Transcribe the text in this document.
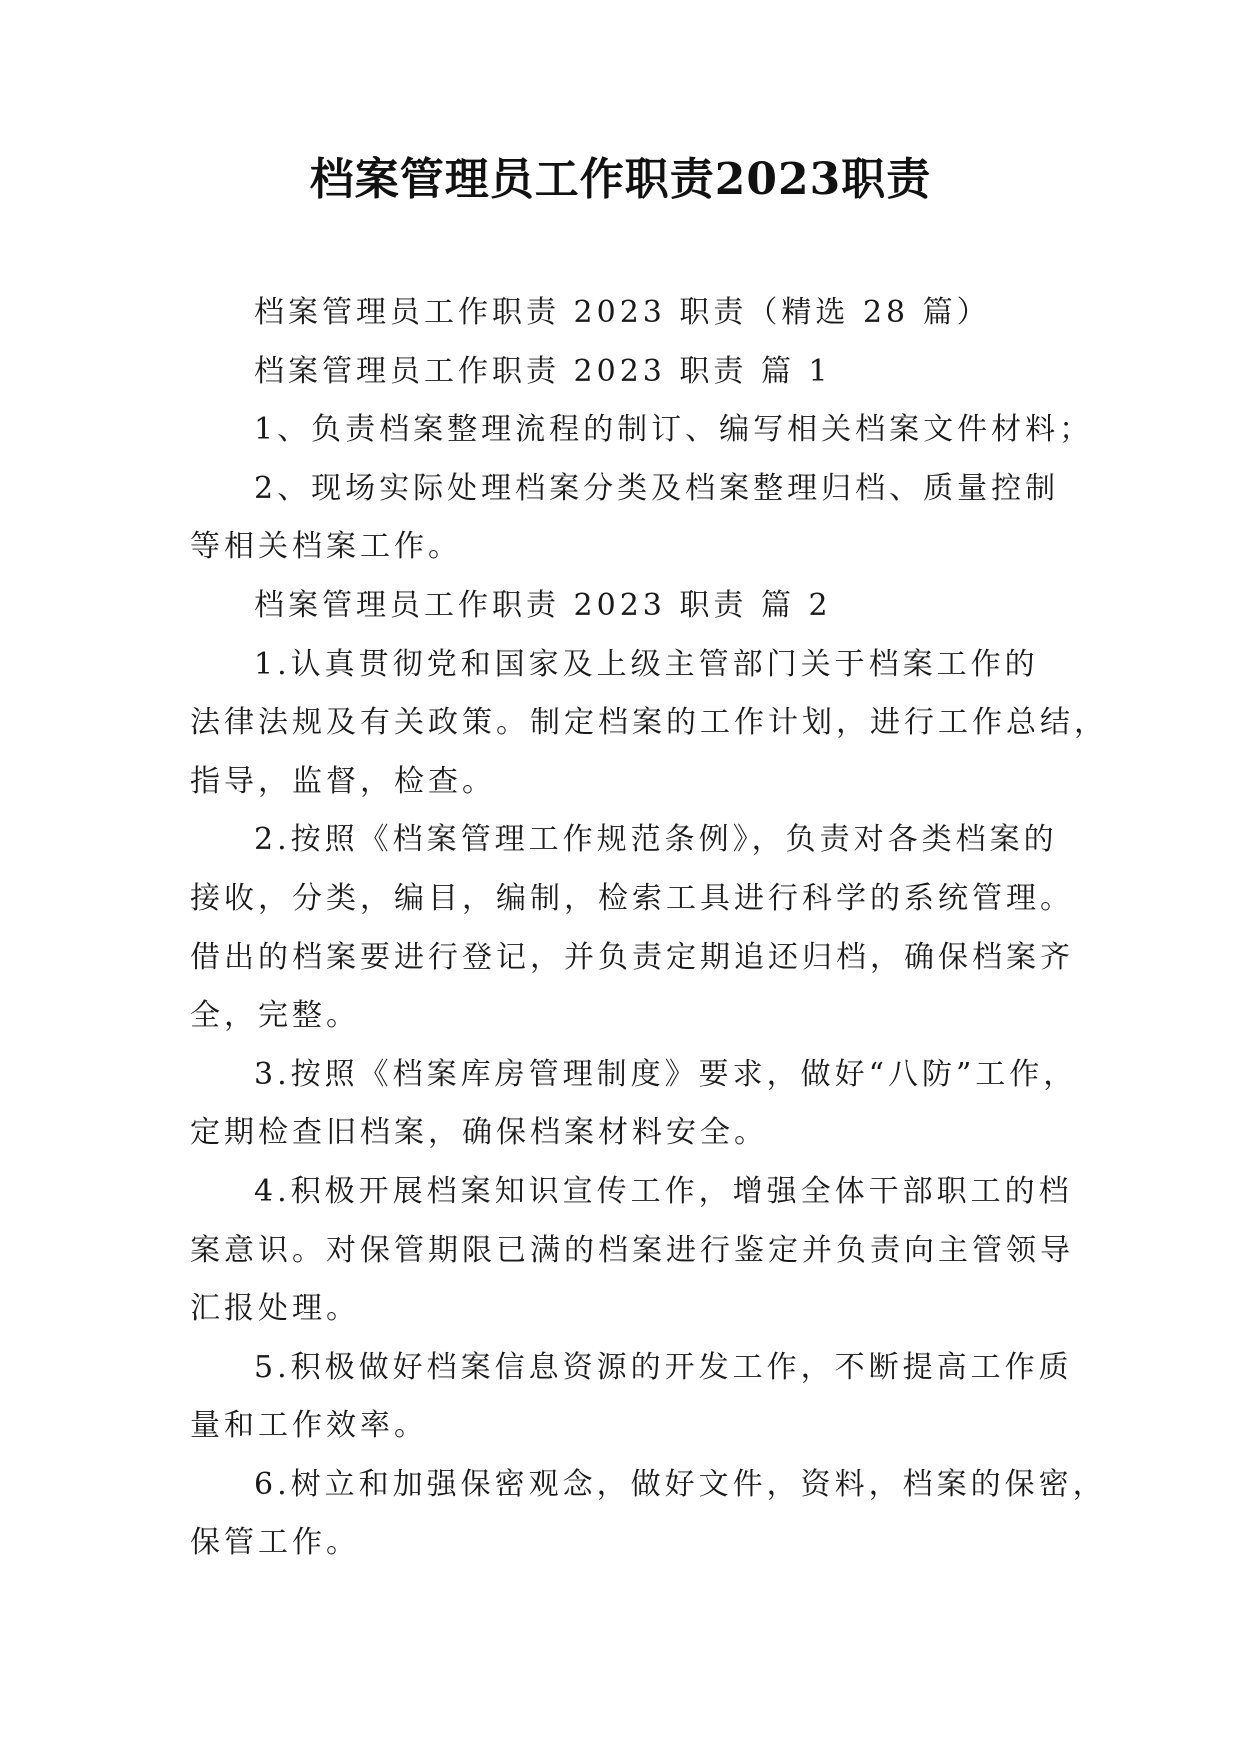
档案管理员工作职责2023职责

档案管理员工作职责 2023 职责（精选 28 篇）

档案管理员工作职责 2023 职责 篇 1

1、负责档案整理流程的制订、编写相关档案文件材料；

2、现场实际处理档案分类及档案整理归档、质量控制

等相关档案工作。

档案管理员工作职责 2023 职责 篇 2

1.认真贯彻党和国家及上级主管部门关于档案工作的

法律法规及有关政策。制定档案的工作计划，进行工作总结，

指导，监督，检查。

2.按照《档案管理工作规范条例》，负责对各类档案的

接收，分类，编目，编制，检索工具进行科学的系统管理。

借出的档案要进行登记，并负责定期追还归档，确保档案齐

全，完整。

3.按照《档案库房管理制度》要求，做好“八防”工作，

定期检查旧档案，确保档案材料安全。

4.积极开展档案知识宣传工作，增强全体干部职工的档

案意识。对保管期限已满的档案进行鉴定并负责向主管领导

汇报处理。

5.积极做好档案信息资源的开发工作，不断提高工作质

量和工作效率。

6.树立和加强保密观念，做好文件，资料，档案的保密，

保管工作。
